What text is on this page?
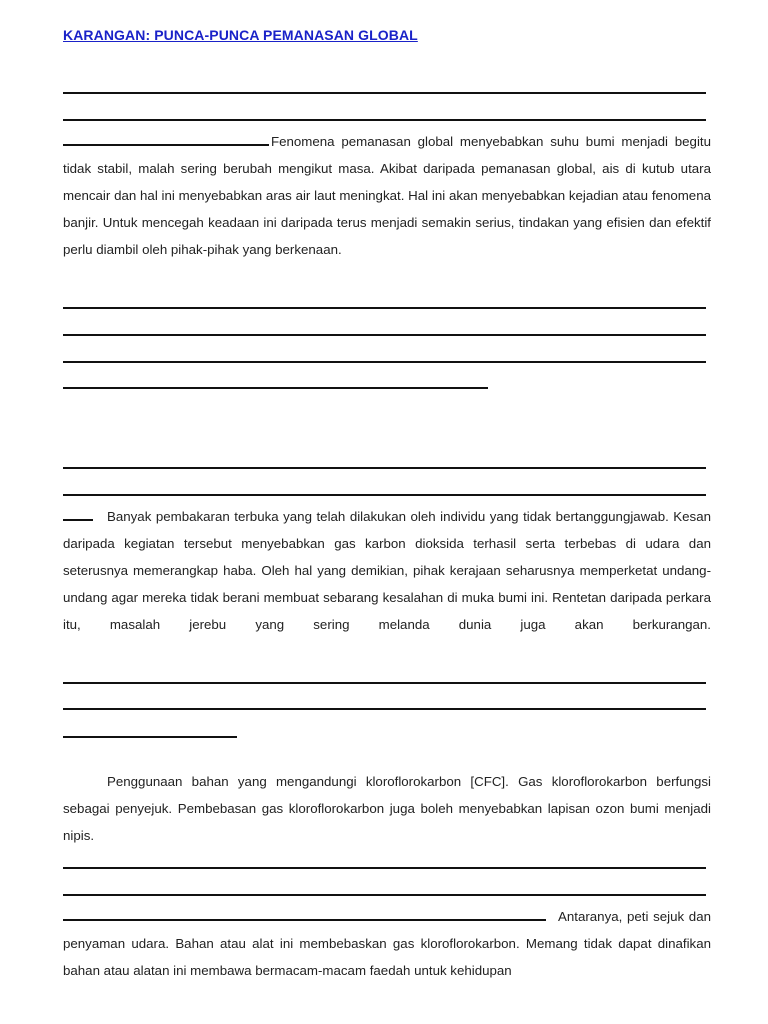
KARANGAN: PUNCA-PUNCA PEMANASAN GLOBAL

Fenomena pemanasan global menyebabkan suhu bumi menjadi begitu tidak stabil, malah sering berubah mengikut masa. Akibat daripada pemanasan global, ais di kutub utara mencair dan hal ini menyebabkan aras air laut meningkat. Hal ini akan menyebabkan kejadian atau fenomena banjir. Untuk mencegah keadaan ini daripada terus menjadi semakin serius, tindakan yang efisien dan efektif perlu diambil oleh pihak-pihak yang berkenaan.

Banyak pembakaran terbuka yang telah dilakukan oleh individu yang tidak bertanggungjawab. Kesan daripada kegiatan tersebut menyebabkan gas karbon dioksida terhasil serta terbebas di udara dan seterusnya memerangkap haba. Oleh hal yang demikian, pihak kerajaan seharusnya memperketat undang-undang agar mereka tidak berani membuat sebarang kesalahan di muka bumi ini. Rentetan daripada perkara itu, masalah jerebu yang sering melanda dunia juga akan berkurangan.

Penggunaan bahan yang mengandungi kloroflorokarbon [CFC]. Gas kloroflorokarbon berfungsi sebagai penyejuk. Pembebasan gas kloroflorokarbon juga boleh menyebabkan lapisan ozon bumi menjadi nipis.

Antaranya, peti sejuk dan penyaman udara. Bahan atau alat ini membebaskan gas kloroflorokarbon. Memang tidak dapat dinafikan bahan atau alatan ini membawa bermacam-macam faedah untuk kehidupan
